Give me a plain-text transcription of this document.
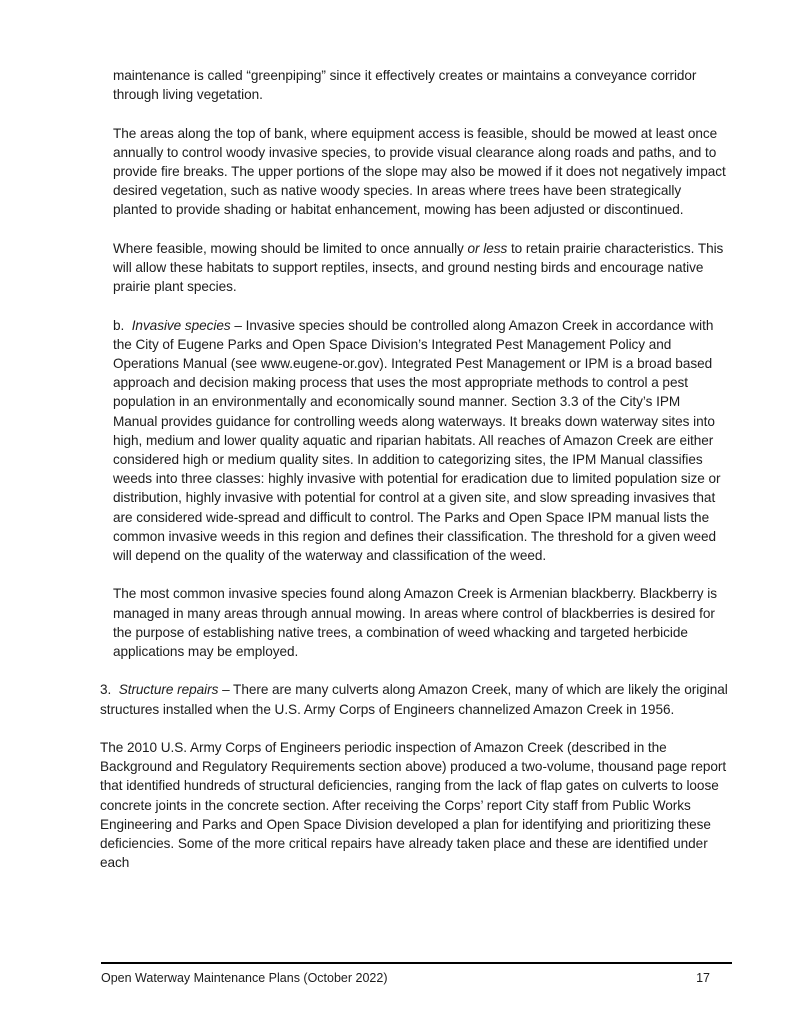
maintenance is called “greenpiping” since it effectively creates or maintains a conveyance corridor through living vegetation.

The areas along the top of bank, where equipment access is feasible, should be mowed at least once annually to control woody invasive species, to provide visual clearance along roads and paths, and to provide fire breaks. The upper portions of the slope may also be mowed if it does not negatively impact desired vegetation, such as native woody species. In areas where trees have been strategically planted to provide shading or habitat enhancement, mowing has been adjusted or discontinued.

Where feasible, mowing should be limited to once annually or less to retain prairie characteristics. This will allow these habitats to support reptiles, insects, and ground nesting birds and encourage native prairie plant species.

b.  Invasive species – Invasive species should be controlled along Amazon Creek in accordance with the City of Eugene Parks and Open Space Division’s Integrated Pest Management Policy and Operations Manual (see www.eugene-or.gov). Integrated Pest Management or IPM is a broad based approach and decision making process that uses the most appropriate methods to control a pest population in an environmentally and economically sound manner. Section 3.3 of the City’s IPM Manual provides guidance for controlling weeds along waterways. It breaks down waterway sites into high, medium and lower quality aquatic and riparian habitats. All reaches of Amazon Creek are either considered high or medium quality sites. In addition to categorizing sites, the IPM Manual classifies weeds into three classes: highly invasive with potential for eradication due to limited population size or distribution, highly invasive with potential for control at a given site, and slow spreading invasives that are considered wide-spread and difficult to control. The Parks and Open Space IPM manual lists the common invasive weeds in this region and defines their classification. The threshold for a given weed will depend on the quality of the waterway and classification of the weed.

The most common invasive species found along Amazon Creek is Armenian blackberry. Blackberry is managed in many areas through annual mowing. In areas where control of blackberries is desired for the purpose of establishing native trees, a combination of weed whacking and targeted herbicide applications may be employed.

3.  Structure repairs – There are many culverts along Amazon Creek, many of which are likely the original structures installed when the U.S. Army Corps of Engineers channelized Amazon Creek in 1956.

The 2010 U.S. Army Corps of Engineers periodic inspection of Amazon Creek (described in the Background and Regulatory Requirements section above) produced a two-volume, thousand page report that identified hundreds of structural deficiencies, ranging from the lack of flap gates on culverts to loose concrete joints in the concrete section. After receiving the Corps’ report City staff from Public Works Engineering and Parks and Open Space Division developed a plan for identifying and prioritizing these deficiencies. Some of the more critical repairs have already taken place and these are identified under each

Open Waterway Maintenance Plans (October 2022)	17
